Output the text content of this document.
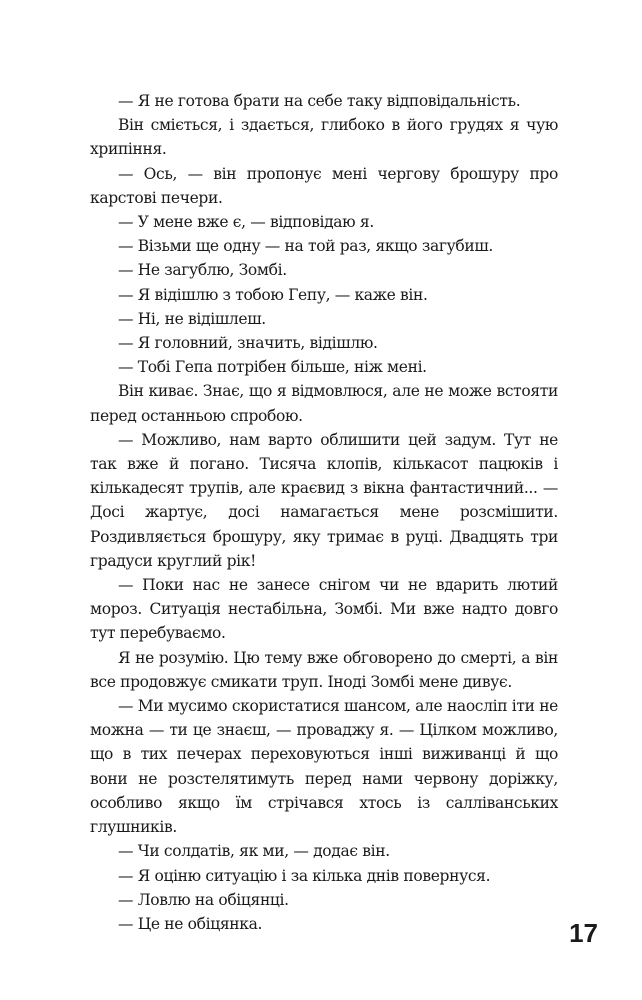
— Я не готова брати на себе таку відповідальність.

Він сміється, і здається, глибоко в його грудях я чую хрипіння.

— Ось, — він пропонує мені чергову брошуру про карстові печери.

— У мене вже є, — відповідаю я.

— Візьми ще одну — на той раз, якщо загубиш.

— Не загублю, Зомбі.

— Я відішлю з тобою Гепу, — каже він.

— Ні, не відішлеш.

— Я головний, значить, відішлю.

— Тобі Гепа потрібен більше, ніж мені.

Він киває. Знає, що я відмовлюся, але не може встояти перед останньою спробою.

— Можливо, нам варто облишити цей задум. Тут не так вже й погано. Тисяча клопів, кількасот пацюків і кількадесят трупів, але краєвид з вікна фантастичний... — Досі жартує, досі намагається мене розсмішити. Роздивляється брошуру, яку тримає в руці. Двадцять три градуси круглий рік!

— Поки нас не занесе снігом чи не вдарить лютий мороз. Ситуація нестабільна, Зомбі. Ми вже надто довго тут перебуваємо.

Я не розумію. Цю тему вже обговорено до смерті, а він все продовжує смикати труп. Іноді Зомбі мене дивує.

— Ми мусимо скористатися шансом, але наосліп іти не можна — ти це знаєш, — проваджу я. — Цілком можливо, що в тих печерах переховуються інші виживанці й що вони не розстелятимуть перед нами червону доріжку, особливо якщо їм стрічався хтось із салліванських глушників.

— Чи солдатів, як ми, — додає він.

— Я оціню ситуацію і за кілька днів повернуся.

— Ловлю на обіцянці.

— Це не обіцянка.	17
